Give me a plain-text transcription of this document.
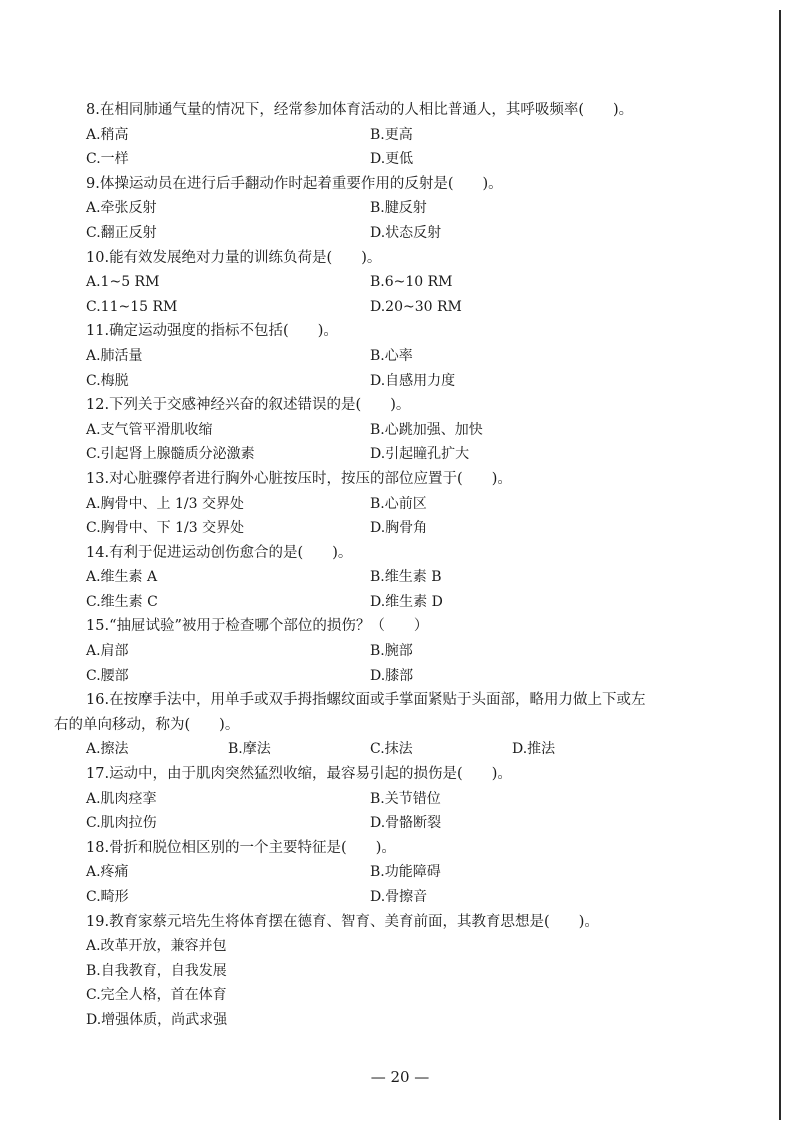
8.在相同肺通气量的情况下，经常参加体育活动的人相比普通人，其呼吸频率(　　)。
A.稍高	B.更高
C.一样	D.更低
9.体操运动员在进行后手翻动作时起着重要作用的反射是(　　)。
A.牵张反射	B.腱反射
C.翻正反射	D.状态反射
10.能有效发展绝对力量的训练负荷是(　　)。
A.1~5 RM	B.6~10 RM
C.11~15 RM	D.20~30 RM
11.确定运动强度的指标不包括(　　)。
A.肺活量	B.心率
C.梅脱	D.自感用力度
12.下列关于交感神经兴奋的叙述错误的是(　　)。
A.支气管平滑肌收缩	B.心跳加强、加快
C.引起肾上腺髓质分泌激素	D.引起瞳孔扩大
13.对心脏骤停者进行胸外心脏按压时，按压的部位应置于(　　)。
A.胸骨中、上 1/3 交界处	B.心前区
C.胸骨中、下 1/3 交界处	D.胸骨角
14.有利于促进运动创伤愈合的是(　　)。
A.维生素 A	B.维生素 B
C.维生素 C	D.维生素 D
15.“抽屉试验”被用于检查哪个部位的损伤？（　　）
A.肩部	B.腕部
C.腰部	D.膝部
16.在按摩手法中，用单手或双手拇指螺纹面或手掌面紧贴于头面部，略用力做上下或左
右的单向移动，称为(　　)。
A.擦法	B.摩法	C.抹法	D.推法
17.运动中，由于肌肉突然猛烈收缩，最容易引起的损伤是(　　)。
A.肌肉痉挛	B.关节错位
C.肌肉拉伤	D.骨骼断裂
18.骨折和脱位相区别的一个主要特征是(　　)。
A.疼痛	B.功能障碍
C.畸形	D.骨擦音
19.教育家蔡元培先生将体育摆在德育、智育、美育前面，其教育思想是(　　)。
A.改革开放，兼容并包
B.自我教育，自我发展
C.完全人格，首在体育
D.增强体质，尚武求强
— 20 —
